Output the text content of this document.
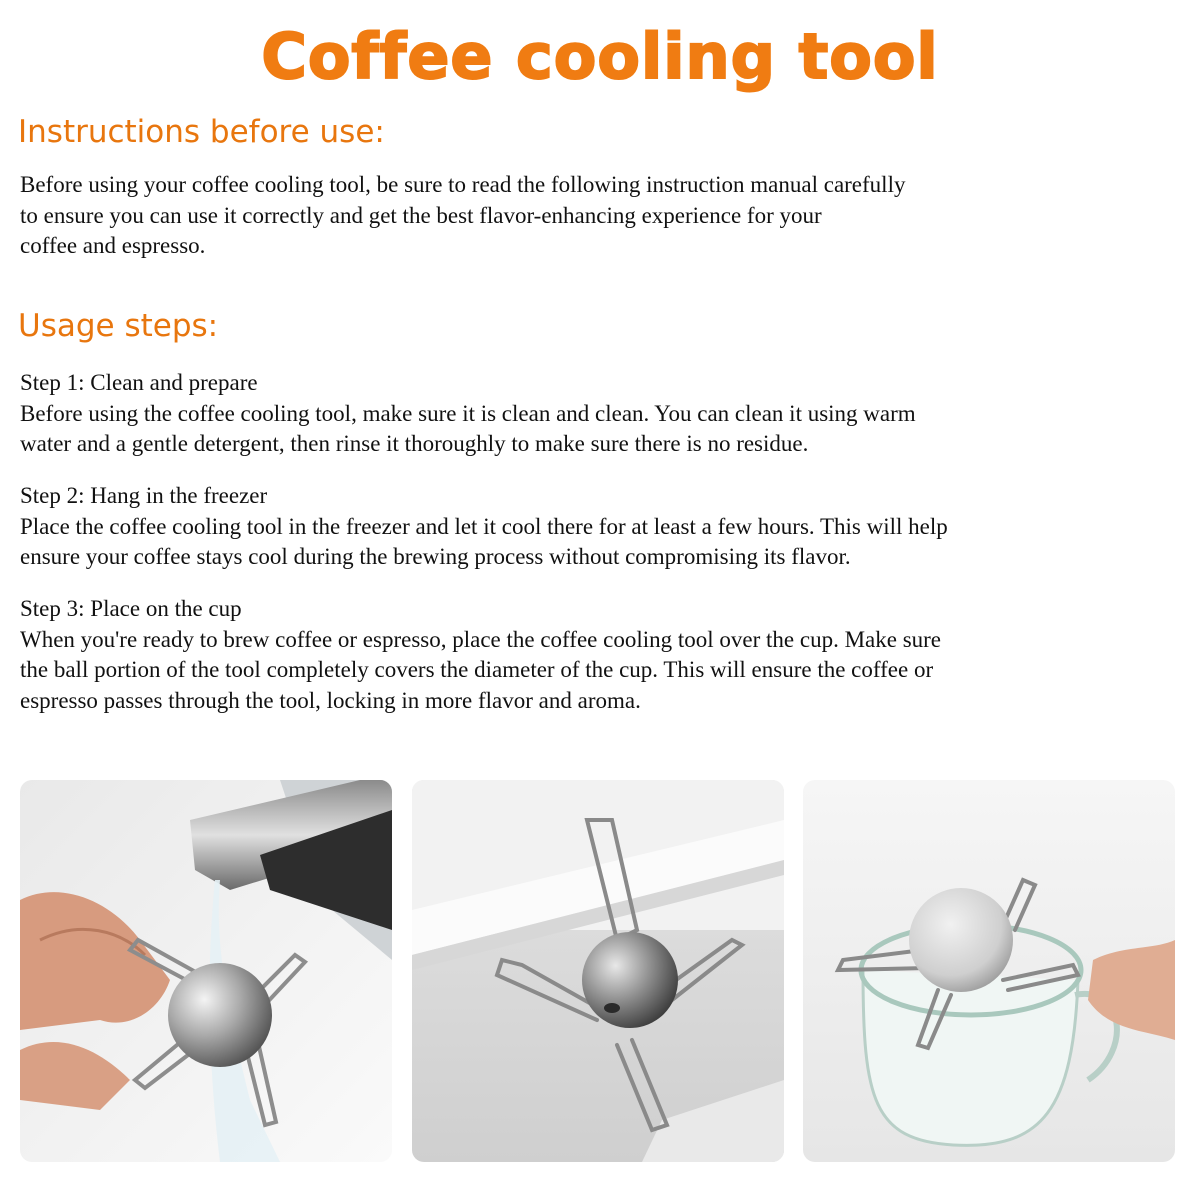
Coffee cooling tool
Instructions before use:
Before using your coffee cooling tool, be sure to read the following instruction manual carefully
to ensure you can use it correctly and get the best flavor-enhancing experience for your
coffee and espresso.
Usage steps:
Step 1: Clean and prepare
Before using the coffee cooling tool, make sure it is clean and clean. You can clean it using warm
water and a gentle detergent, then rinse it thoroughly to make sure there is no residue.
Step 2: Hang in the freezer
Place the coffee cooling tool in the freezer and let it cool there for at least a few hours. This will help
ensure your coffee stays cool during the brewing process without compromising its flavor.
Step 3: Place on the cup
When you're ready to brew coffee or espresso, place the coffee cooling tool over the cup. Make sure
the ball portion of the tool completely covers the diameter of the cup. This will ensure the coffee or
espresso passes through the tool, locking in more flavor and aroma.
